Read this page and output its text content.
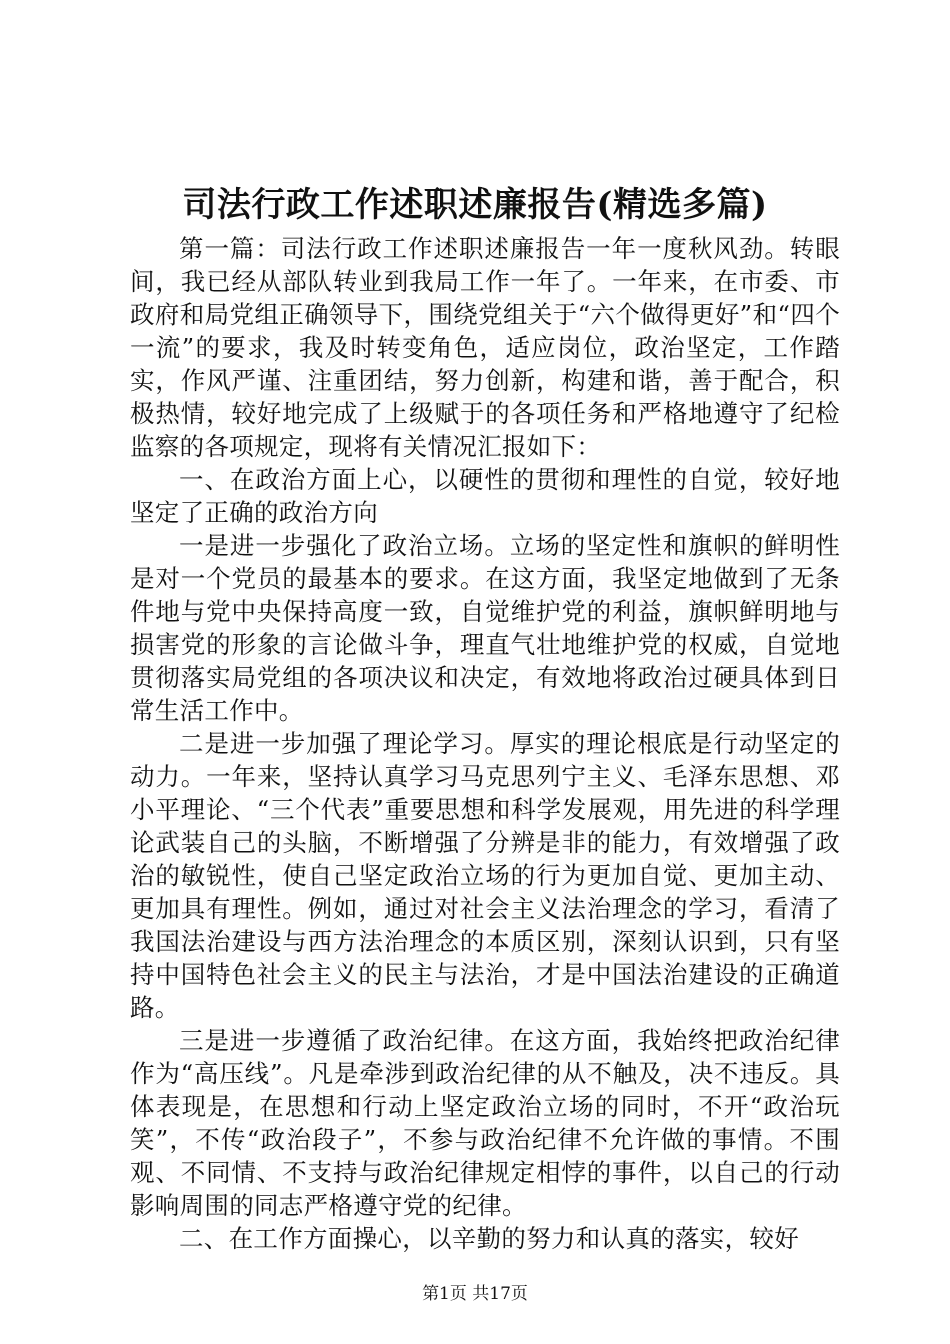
司法行政工作述职述廉报告(精选多篇)

第一篇：司法行政工作述职述廉报告一年一度秋风劲。转眼间，我已经从部队转业到我局工作一年了。一年来，在市委、市政府和局党组正确领导下，围绕党组关于“六个做得更好”和“四个一流”的要求，我及时转变角色，适应岗位，政治坚定，工作踏实，作风严谨、注重团结，努力创新，构建和谐，善于配合，积极热情，较好地完成了上级赋于的各项任务和严格地遵守了纪检监察的各项规定，现将有关情况汇报如下：

一、在政治方面上心，以硬性的贯彻和理性的自觉，较好地坚定了正确的政治方向

一是进一步强化了政治立场。立场的坚定性和旗帜的鲜明性是对一个党员的最基本的要求。在这方面，我坚定地做到了无条件地与党中央保持高度一致，自觉维护党的利益，旗帜鲜明地与损害党的形象的言论做斗争，理直气壮地维护党的权威，自觉地贯彻落实局党组的各项决议和决定，有效地将政治过硬具体到日常生活工作中。

二是进一步加强了理论学习。厚实的理论根底是行动坚定的动力。一年来，坚持认真学习马克思列宁主义、毛泽东思想、邓小平理论、“三个代表”重要思想和科学发展观，用先进的科学理论武装自己的头脑，不断增强了分辨是非的能力，有效增强了政治的敏锐性，使自己坚定政治立场的行为更加自觉、更加主动、更加具有理性。例如，通过对社会主义法治理念的学习，看清了我国法治建设与西方法治理念的本质区别，深刻认识到，只有坚持中国特色社会主义的民主与法治，才是中国法治建设的正确道路。

三是进一步遵循了政治纪律。在这方面，我始终把政治纪律作为“高压线”。凡是牵涉到政治纪律的从不触及，决不违反。具体表现是，在思想和行动上坚定政治立场的同时，不开“政治玩笑”，不传“政治段子”，不参与政治纪律不允许做的事情。不围观、不同情、不支持与政治纪律规定相悖的事件，以自己的行动影响周围的同志严格遵守党的纪律。

二、在工作方面操心，以辛勤的努力和认真的落实，较好

第1页 共17页
